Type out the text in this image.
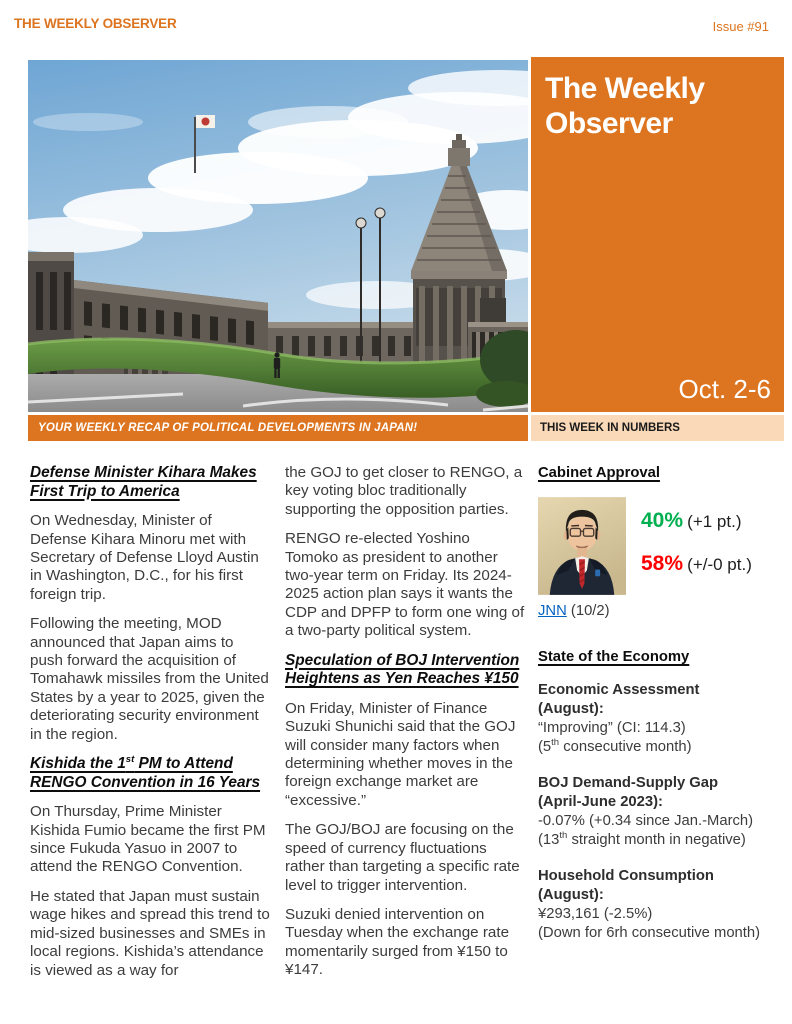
THE WEEKLY OBSERVER	Issue #91
The Weekly Observer
Oct. 2-6
YOUR WEEKLY RECAP OF POLITICAL DEVELOPMENTS IN JAPAN!	THIS WEEK IN NUMBERS
Defense Minister Kihara Makes First Trip to America

On Wednesday, Minister of Defense Kihara Minoru met with Secretary of Defense Lloyd Austin in Washington, D.C., for his first foreign trip.

Following the meeting, MOD announced that Japan aims to push forward the acquisition of Tomahawk missiles from the United States by a year to 2025, given the deteriorating security environment in the region.

Kishida the 1st PM to Attend RENGO Convention in 16 Years

On Thursday, Prime Minister Kishida Fumio became the first PM since Fukuda Yasuo in 2007 to attend the RENGO Convention.

He stated that Japan must sustain wage hikes and spread this trend to mid-sized businesses and SMEs in local regions. Kishida’s attendance is viewed as a way for

the GOJ to get closer to RENGO, a key voting bloc traditionally supporting the opposition parties.

RENGO re-elected Yoshino Tomoko as president to another two-year term on Friday. Its 2024-2025 action plan says it wants the CDP and DPFP to form one wing of a two-party political system.

Speculation of BOJ Intervention Heightens as Yen Reaches ¥150

On Friday, Minister of Finance Suzuki Shunichi said that the GOJ will consider many factors when determining whether moves in the foreign exchange market are “excessive.”

The GOJ/BOJ are focusing on the speed of currency fluctuations rather than targeting a specific rate level to trigger intervention.

Suzuki denied intervention on Tuesday when the exchange rate momentarily surged from ¥150 to ¥147.

Cabinet Approval
40% (+1 pt.)
58% (+/-0 pt.)
JNN (10/2)
State of the Economy
Economic Assessment (August):
“Improving” (CI: 114.3)
(5th consecutive month)
BOJ Demand-Supply Gap (April-June 2023):
-0.07% (+0.34 since Jan.-March)
(13th straight month in negative)
Household Consumption (August):
¥293,161 (-2.5%)
(Down for 6rh consecutive month)
